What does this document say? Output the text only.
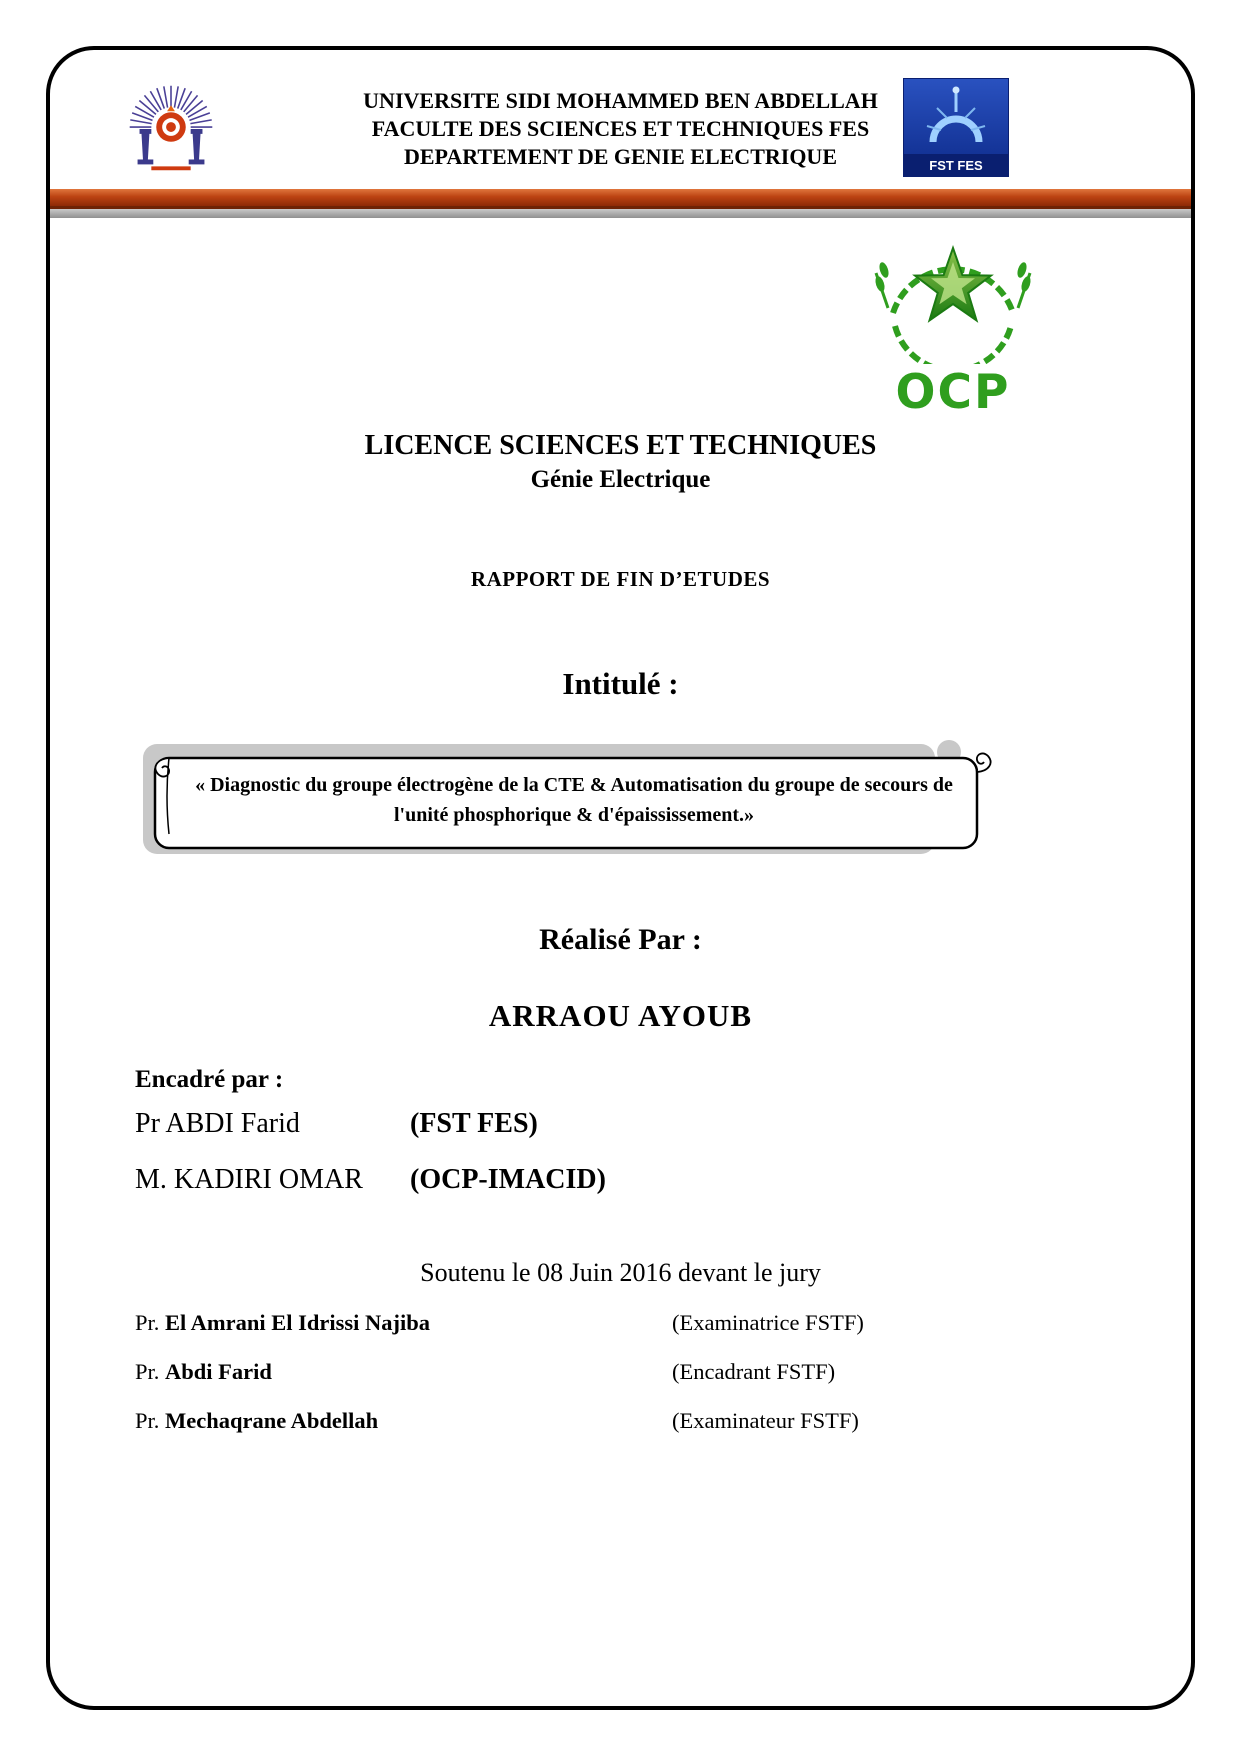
UNIVERSITE SIDI MOHAMMED BEN ABDELLAH
FACULTE DES SCIENCES ET TECHNIQUES FES
DEPARTEMENT DE GENIE ELECTRIQUE	FST FES
OCP
LICENCE SCIENCES ET TECHNIQUES
Génie Electrique
RAPPORT DE FIN D’ETUDES
Intitulé :
« Diagnostic du groupe électrogène de la CTE & Automatisation du groupe de secours de l'unité phosphorique & d'épaississement.»
Réalisé Par :
ARRAOU AYOUB
Encadré par :
Pr ABDI Farid	(FST FES)
M. KADIRI OMAR (OCP-IMACID)
Soutenu le 08 Juin 2016 devant le jury
Pr. El Amrani El Idrissi Najiba	(Examinatrice FSTF)
Pr. Abdi Farid	(Encadrant FSTF)
Pr. Mechaqrane Abdellah	(Examinateur FSTF)
